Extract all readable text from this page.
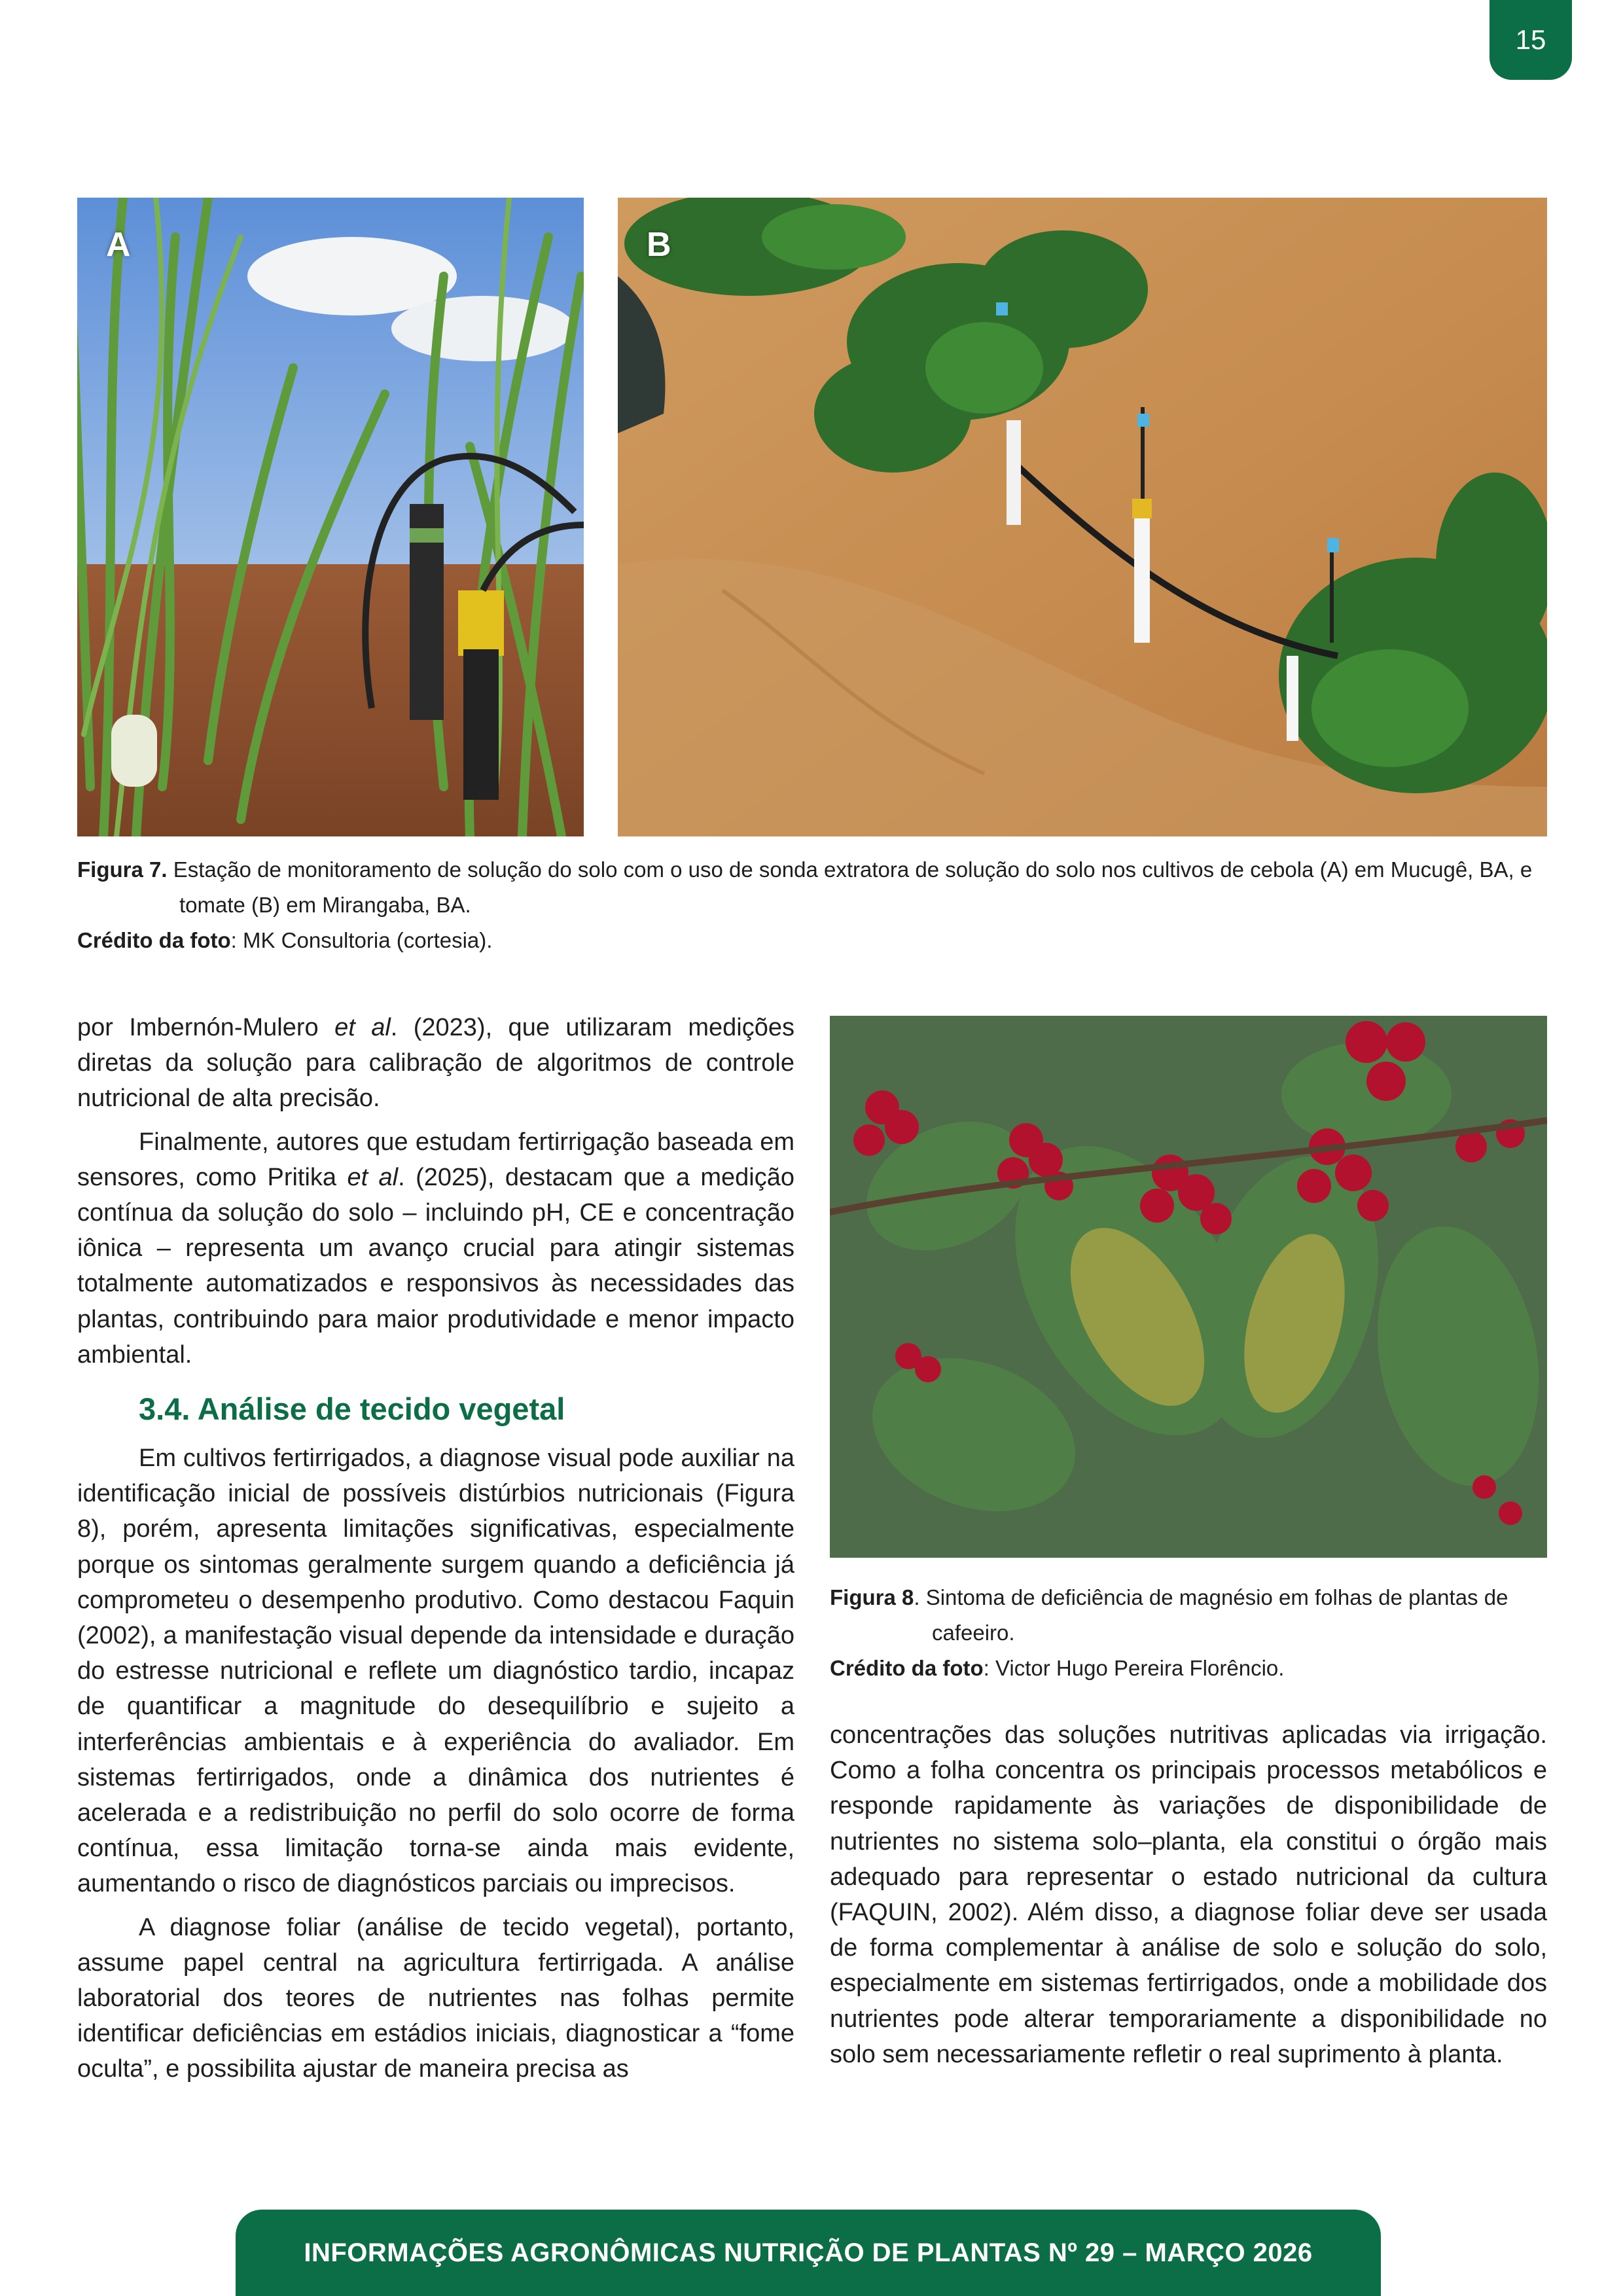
15
A	B
Figura 7. Estação de monitoramento de solução do solo com o uso de sonda extratora de solução do solo nos cultivos de cebola (A) em Mucugê, BA, e tomate (B) em Mirangaba, BA.
Crédito da foto: MK Consultoria (cortesia).
Figura 8. Sintoma de deficiência de magnésio em folhas de plantas de cafeeiro.
Crédito da foto: Victor Hugo Pereira Florêncio.

por Imbernón-Mulero et al. (2023), que utilizaram medições diretas da solução para calibração de algoritmos de controle nutricional de alta precisão.

Finalmente, autores que estudam fertirrigação baseada em sensores, como Pritika et al. (2025), destacam que a medição contínua da solução do solo – incluindo pH, CE e concentração iônica – representa um avanço crucial para atingir sistemas totalmente automatizados e responsivos às necessidades das plantas, contribuindo para maior produtividade e menor impacto ambiental.

3.4. Análise de tecido vegetal

Em cultivos fertirrigados, a diagnose visual pode auxiliar na identificação inicial de possíveis distúrbios nutricionais (Figura 8), porém, apresenta limitações significativas, especialmente porque os sintomas geralmente surgem quando a deficiência já comprometeu o desempenho produtivo. Como destacou Faquin (2002), a manifestação visual depende da intensidade e duração do estresse nutricional e reflete um diagnóstico tardio, incapaz de quantificar a magnitude do desequilíbrio e sujeito a interferências ambientais e à experiência do avaliador. Em sistemas fertirrigados, onde a dinâmica dos nutrientes é acelerada e a redistribuição no perfil do solo ocorre de forma contínua, essa limitação torna-se ainda mais evidente, aumentando o risco de diagnósticos parciais ou imprecisos.

A diagnose foliar (análise de tecido vegetal), portanto, assume papel central na agricultura fertirrigada. A análise laboratorial dos teores de nutrientes nas folhas permite identificar deficiências em estádios iniciais, diagnosticar a “fome oculta”, e possibilita ajustar de maneira precisa as

concentrações das soluções nutritivas aplicadas via irrigação. Como a folha concentra os principais processos metabólicos e responde rapidamente às variações de disponibilidade de nutrientes no sistema solo–planta, ela constitui o órgão mais adequado para representar o estado nutricional da cultura (FAQUIN, 2002). Além disso, a diagnose foliar deve ser usada de forma complementar à análise de solo e solução do solo, especialmente em sistemas fertirrigados, onde a mobilidade dos nutrientes pode alterar temporariamente a disponibilidade no solo sem necessariamente refletir o real suprimento à planta.

INFORMAÇÕES AGRONÔMICAS NUTRIÇÃO DE PLANTAS Nº 29 – MARÇO 2026
